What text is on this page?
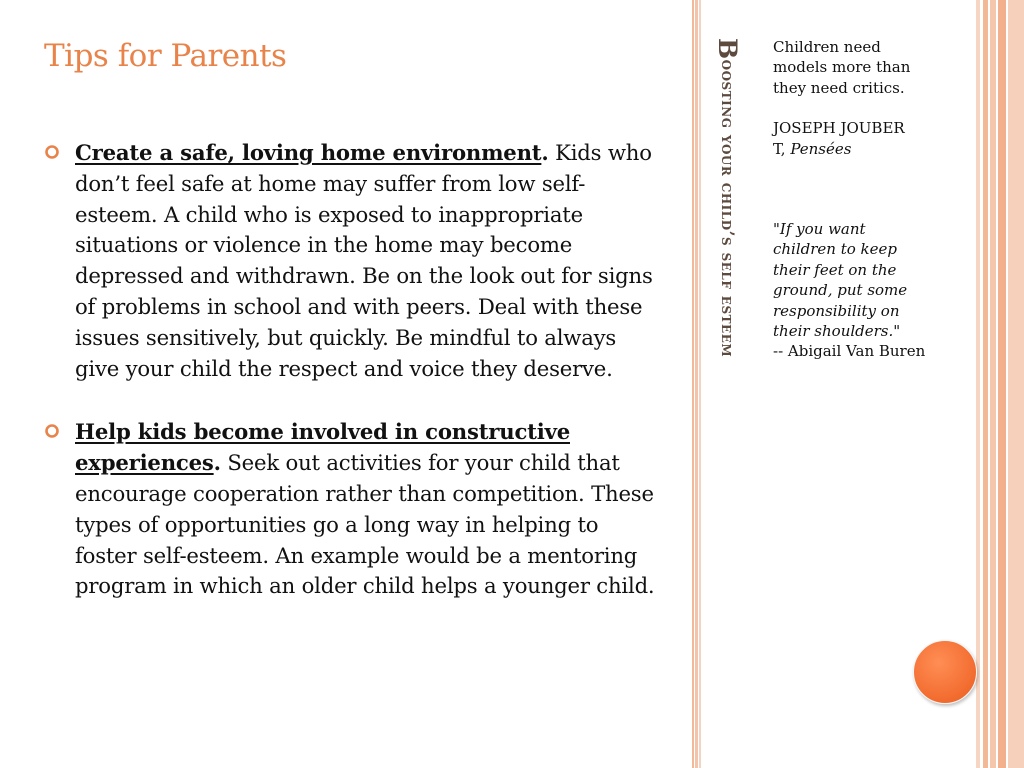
Tips for Parents

Create a safe, loving home environment. Kids who don’t feel safe at home may suffer from low self-esteem. A child who is exposed to inappropriate situations or violence in the home may become depressed and withdrawn. Be on the look out for signs of problems in school and with peers. Deal with these issues sensitively, but quickly. Be mindful to always give your child the respect and voice they deserve.

Help kids become involved in constructive experiences. Seek out activities for your child that encourage cooperation rather than competition. These types of opportunities go a long way in helping to foster self-esteem. An example would be a mentoring program in which an older child helps a younger child.

Boosting your child’s self esteem

Children need models more than they need critics.

JOSEPH JOUBER
T, Pensées

"If you want children to keep their feet on the ground, put some responsibility on their shoulders."

-- Abigail Van Buren
